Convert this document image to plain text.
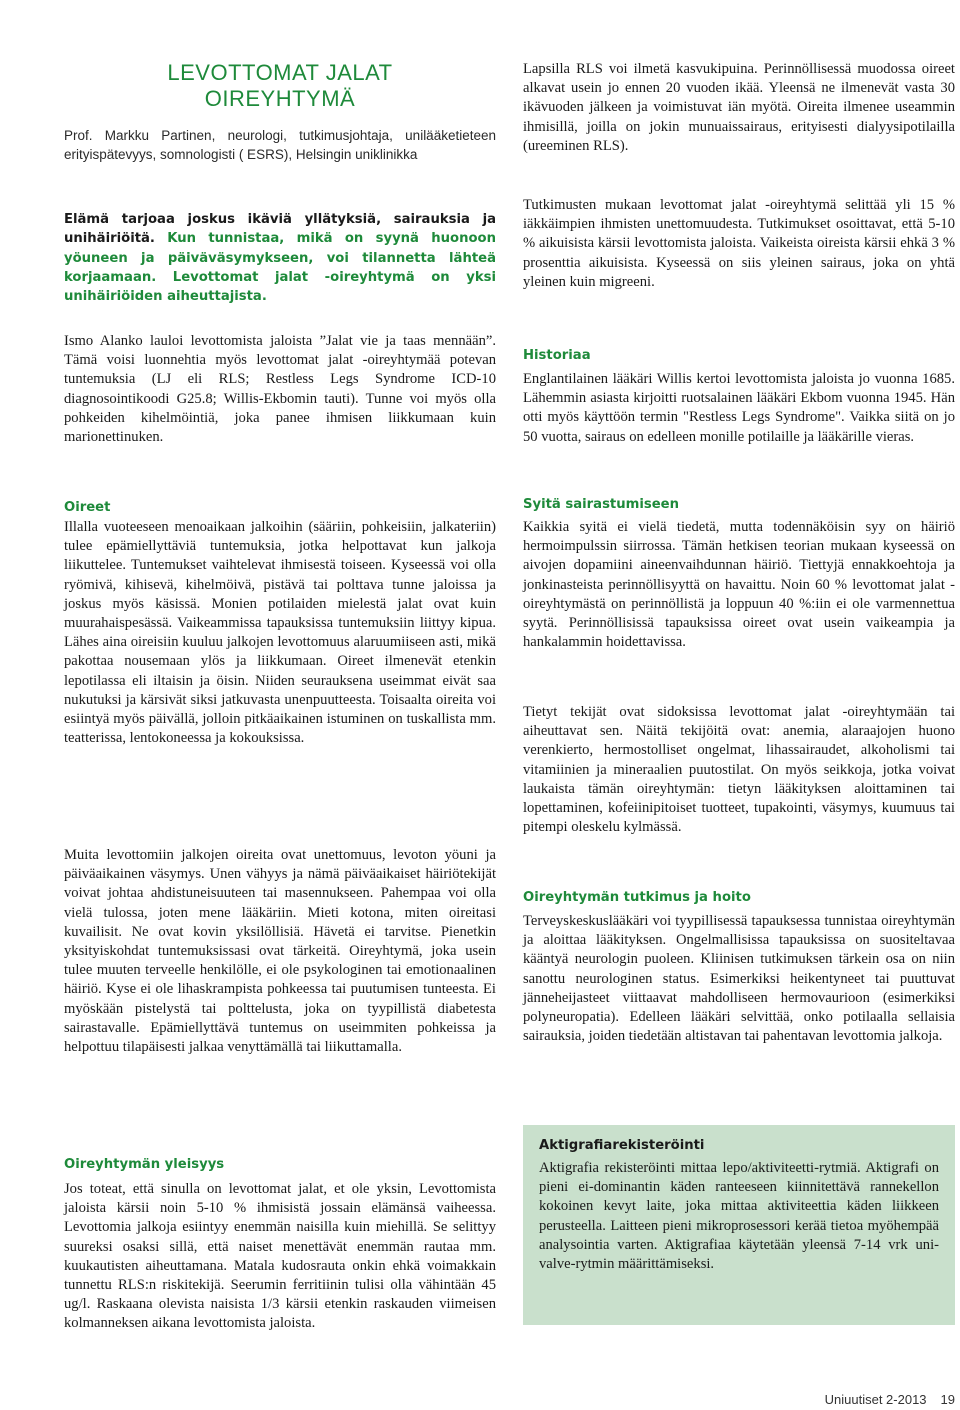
LEVOTTOMAT JALAT
OIREYHTYMÄ

Prof. Markku Partinen, neurologi, tutkimusjohtaja, unilääketieteen erityispätevyys, somnologisti ( ESRS), Helsingin uniklinikka

Elämä tarjoaa joskus ikäviä yllätyksiä, sairauksia ja unihäiriöitä. Kun tunnistaa, mikä on syynä huonoon yöuneen ja päiväväsymykseen, voi tilannetta lähteä korjaamaan. Levottomat jalat -oireyhtymä on yksi unihäiriöiden aiheuttajista.

Ismo Alanko lauloi levottomista jaloista ”Jalat vie ja taas mennään”. Tämä voisi luonnehtia myös levottomat jalat -oireyhtymää potevan tuntemuksia (LJ eli RLS; Restless Legs Syndrome ICD-10 diagnosointikoodi G25.8; Willis-Ekbomin tauti). Tunne voi myös olla pohkeiden kihelmöintiä, joka panee ihmisen liikkumaan kuin marionettinuken.

Oireet

Illalla vuoteeseen menoaikaan jalkoihin (sääriin, pohkeisiin, jalkateriin) tulee epämiellyttäviä tuntemuksia, jotka helpottavat kun jalkoja liikuttelee. Tuntemukset vaihtelevat ihmisestä toiseen. Kyseessä voi olla ryömivä, kihisevä, kihelmöivä, pistävä tai polttava tunne jaloissa ja joskus myös käsissä. Monien potilaiden mielestä jalat ovat kuin muurahaispesässä. Vaikeammissa tapauksissa tuntemuksiin liittyy kipua. Lähes aina oireisiin kuuluu jalkojen levottomuus alaruumiiseen asti, mikä pakottaa nousemaan ylös ja liikkumaan. Oireet ilmenevät etenkin lepotilassa eli iltaisin ja öisin. Niiden seurauksena useimmat eivät saa nukutuksi ja kärsivät siksi jatkuvasta unenpuutteesta. Toisaalta oireita voi esiintyä myös päivällä, jolloin pitkäaikainen istuminen on tuskallista mm. teatterissa, lentokoneessa ja kokouksissa.

Muita levottomiin jalkojen oireita ovat unettomuus, levoton yöuni ja päiväaikainen väsymys. Unen vähyys ja nämä päiväaikaiset häiriötekijät voivat johtaa ahdistuneisuuteen tai masennukseen. Pahempaa voi olla vielä tulossa, joten mene lääkäriin. Mieti kotona, miten oireitasi kuvailisit. Ne ovat kovin yksilöllisiä. Hävetä ei tarvitse. Pienetkin yksityiskohdat tuntemuksissasi ovat tärkeitä. Oireyhtymä, joka usein tulee muuten terveelle henkilölle, ei ole psykologinen tai emotionaalinen häiriö. Kyse ei ole lihaskrampista pohkeessa tai puutumisen tunteesta. Ei myöskään pistelystä tai polttelusta, joka on tyypillistä diabetesta sairastavalle. Epämiellyttävä tuntemus on useimmiten pohkeissa ja helpottuu tilapäisesti jalkaa venyttämällä tai liikuttamalla.

Oireyhtymän yleisyys

Jos toteat, että sinulla on levottomat jalat, et ole yksin, Levottomista jaloista kärsii noin 5-10 % ihmisistä jossain elämänsä vaiheessa. Levottomia jalkoja esiintyy enemmän naisilla kuin miehillä. Se selittyy suureksi osaksi sillä, että naiset menettävät enemmän rautaa mm. kuukautisten aiheuttamana. Matala kudosrauta onkin ehkä voimakkain tunnettu RLS:n riskitekijä. Seerumin ferritiinin tulisi olla vähintään 45 ug/l. Raskaana olevista naisista 1/3 kärsii etenkin raskauden viimeisen kolmanneksen aikana levottomista jaloista.

Lapsilla RLS voi ilmetä kasvukipuina. Perinnöllisessä muodossa oireet alkavat usein jo ennen 20 vuoden ikää. Yleensä ne ilmenevät vasta 30 ikävuoden jälkeen ja voimistuvat iän myötä. Oireita ilmenee useammin ihmisillä, joilla on jokin munuaissairaus, erityisesti dialyysipotilailla (ureeminen RLS).

Tutkimusten mukaan levottomat jalat -oireyhtymä selittää yli 15 % iäkkäimpien ihmisten unettomuudesta. Tutkimukset osoittavat, että 5-10 % aikuisista kärsii levottomista jaloista. Vaikeista oireista kärsii ehkä 3 % prosenttia aikuisista. Kyseessä on siis yleinen sairaus, joka on yhtä yleinen kuin migreeni.

Historiaa

Englantilainen lääkäri Willis kertoi levottomista jaloista jo vuonna 1685. Lähemmin asiasta kirjoitti ruotsalainen lääkäri Ekbom vuonna 1945. Hän otti myös käyttöön termin "Restless Legs Syndrome". Vaikka siitä on jo 50 vuotta, sairaus on edelleen monille potilaille ja lääkärille vieras.

Syitä sairastumiseen

Kaikkia syitä ei vielä tiedetä, mutta todennäköisin syy on häiriö hermoimpulssin siirrossa. Tämän hetkisen teorian mukaan kyseessä on aivojen dopamiini aineenvaihdunnan häiriö. Tiettyjä ennakkoehtoja ja jonkinasteista perinnöllisyyttä on havaittu. Noin 60 % levottomat jalat -oireyhtymästä on perinnöllistä ja loppuun 40 %:iin ei ole varmennettua syytä. Perinnöllisissä tapauksissa oireet ovat usein vaikeampia ja hankalammin hoidettavissa.

Tietyt tekijät ovat sidoksissa levottomat jalat -oireyhtymään tai aiheuttavat sen. Näitä tekijöitä ovat: anemia, alaraajojen huono verenkierto, hermostolliset ongelmat, lihassairaudet, alkoholismi tai vitamiinien ja mineraalien puutostilat. On myös seikkoja, jotka voivat laukaista tämän oireyhtymän: tietyn lääkityksen aloittaminen tai lopettaminen, kofeiinipitoiset tuotteet, tupakointi, väsymys, kuumuus tai pitempi oleskelu kylmässä.

Oireyhtymän tutkimus ja hoito

Terveyskeskuslääkäri voi tyypillisessä tapauksessa tunnistaa oireyhtymän ja aloittaa lääkityksen. Ongelmallisissa tapauksissa on suositeltavaa kääntyä neurologin puoleen. Kliinisen tutkimuksen tärkein osa on niin sanottu neurologinen status. Esimerkiksi heikentyneet tai puuttuvat jänneheijasteet viittaavat mahdolliseen hermovaurioon (esimerkiksi polyneuropatia). Edelleen lääkäri selvittää, onko potilaalla sellaisia sairauksia, joiden tiedetään altistavan tai pahentavan levottomia jalkoja.

Aktigrafiarekisteröinti

Aktigrafia rekisteröinti mittaa lepo/aktiviteetti-rytmiä. Aktigrafi on pieni ei-dominantin käden ranteeseen kiinnitettävä rannekellon kokoinen kevyt laite, joka mittaa aktiviteettia käden liikkeen perusteella. Laitteen pieni mikroprosessori kerää tietoa myöhempää analysointia varten. Aktigrafiaa käytetään yleensä 7-14 vrk uni-valve-rytmin määrittämiseksi.

Uniuutiset 2-2013 19
